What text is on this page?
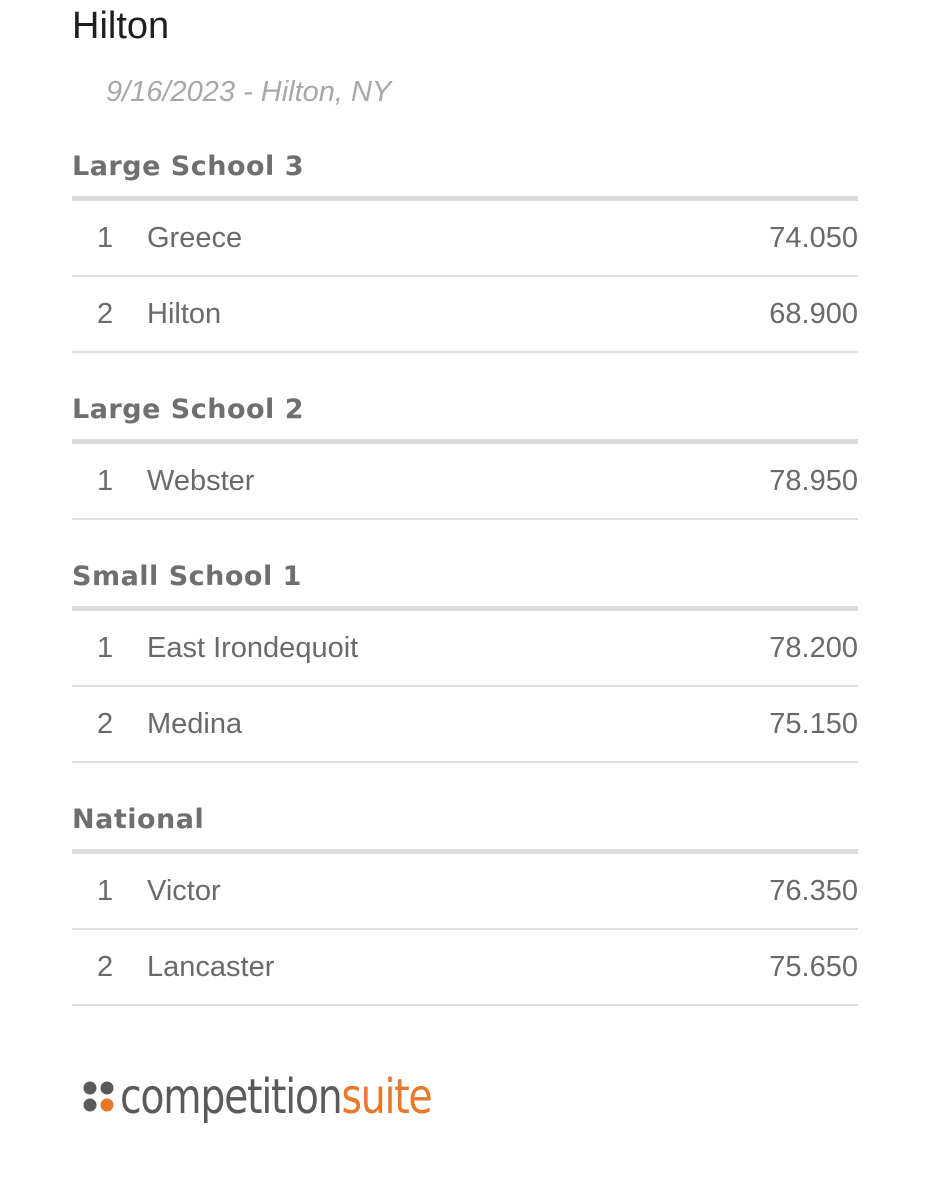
Hilton
9/16/2023 - Hilton, NY
Large School 3
1	Greece	74.050
2	Hilton	68.900
Large School 2
1	Webster	78.950
Small School 1
1	East Irondequoit	78.200
2	Medina	75.150
National
1	Victor	76.350
2	Lancaster	75.650
competitionsuite
